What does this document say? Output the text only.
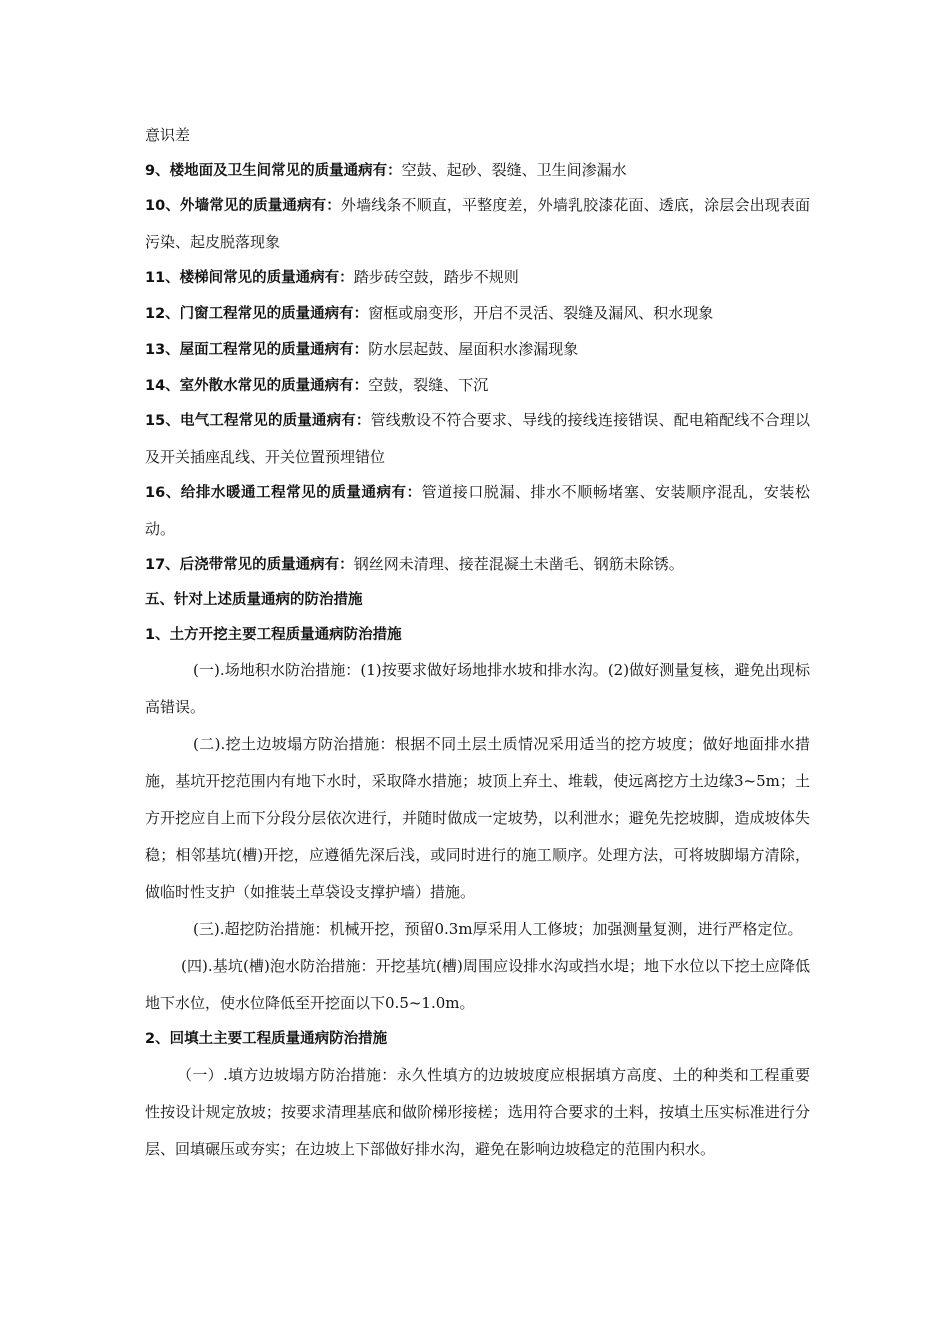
意识差

9、楼地面及卫生间常见的质量通病有：空鼓、起砂、裂缝、卫生间渗漏水

10、外墙常见的质量通病有：外墙线条不顺直，平整度差，外墙乳胶漆花面、透底，涂层会出现表面污染、起皮脱落现象

11、楼梯间常见的质量通病有：踏步砖空鼓，踏步不规则

12、门窗工程常见的质量通病有：窗框或扇变形，开启不灵活、裂缝及漏风、积水现象

13、屋面工程常见的质量通病有：防水层起鼓、屋面积水渗漏现象

14、室外散水常见的质量通病有：空鼓，裂缝、下沉

15、电气工程常见的质量通病有：管线敷设不符合要求、导线的接线连接错误、配电箱配线不合理以及开关插座乱线、开关位置预埋错位

16、给排水暖通工程常见的质量通病有：管道接口脱漏、排水不顺畅堵塞、安装顺序混乱，安装松动。

17、后浇带常见的质量通病有：钢丝网未清理、接茬混凝土未凿毛、钢筋未除锈。

五、针对上述质量通病的防治措施

1、土方开挖主要工程质量通病防治措施

(一).场地积水防治措施：(1)按要求做好场地排水坡和排水沟。(2)做好测量复核，避免出现标高错误。

(二).挖土边坡塌方防治措施：根据不同土层土质情况采用适当的挖方坡度；做好地面排水措施，基坑开挖范围内有地下水时，采取降水措施；坡顶上弃土、堆载，使远离挖方土边缘3~5m；土方开挖应自上而下分段分层依次进行，并随时做成一定坡势，以利泄水；避免先挖坡脚，造成坡体失稳；相邻基坑(槽)开挖，应遵循先深后浅，或同时进行的施工顺序。处理方法，可将坡脚塌方清除，做临时性支护（如推装土草袋设支撑护墙）措施。

(三).超挖防治措施：机械开挖，预留0.3m厚采用人工修坡；加强测量复测，进行严格定位。

(四).基坑(槽)泡水防治措施：开挖基坑(槽)周围应设排水沟或挡水堤；地下水位以下挖土应降低地下水位，使水位降低至开挖面以下0.5~1.0m。

2、回填土主要工程质量通病防治措施

（一）.填方边坡塌方防治措施：永久性填方的边坡坡度应根据填方高度、土的种类和工程重要性按设计规定放坡；按要求清理基底和做阶梯形接槎；选用符合要求的土料，按填土压实标准进行分层、回填碾压或夯实；在边坡上下部做好排水沟，避免在影响边坡稳定的范围内积水。
